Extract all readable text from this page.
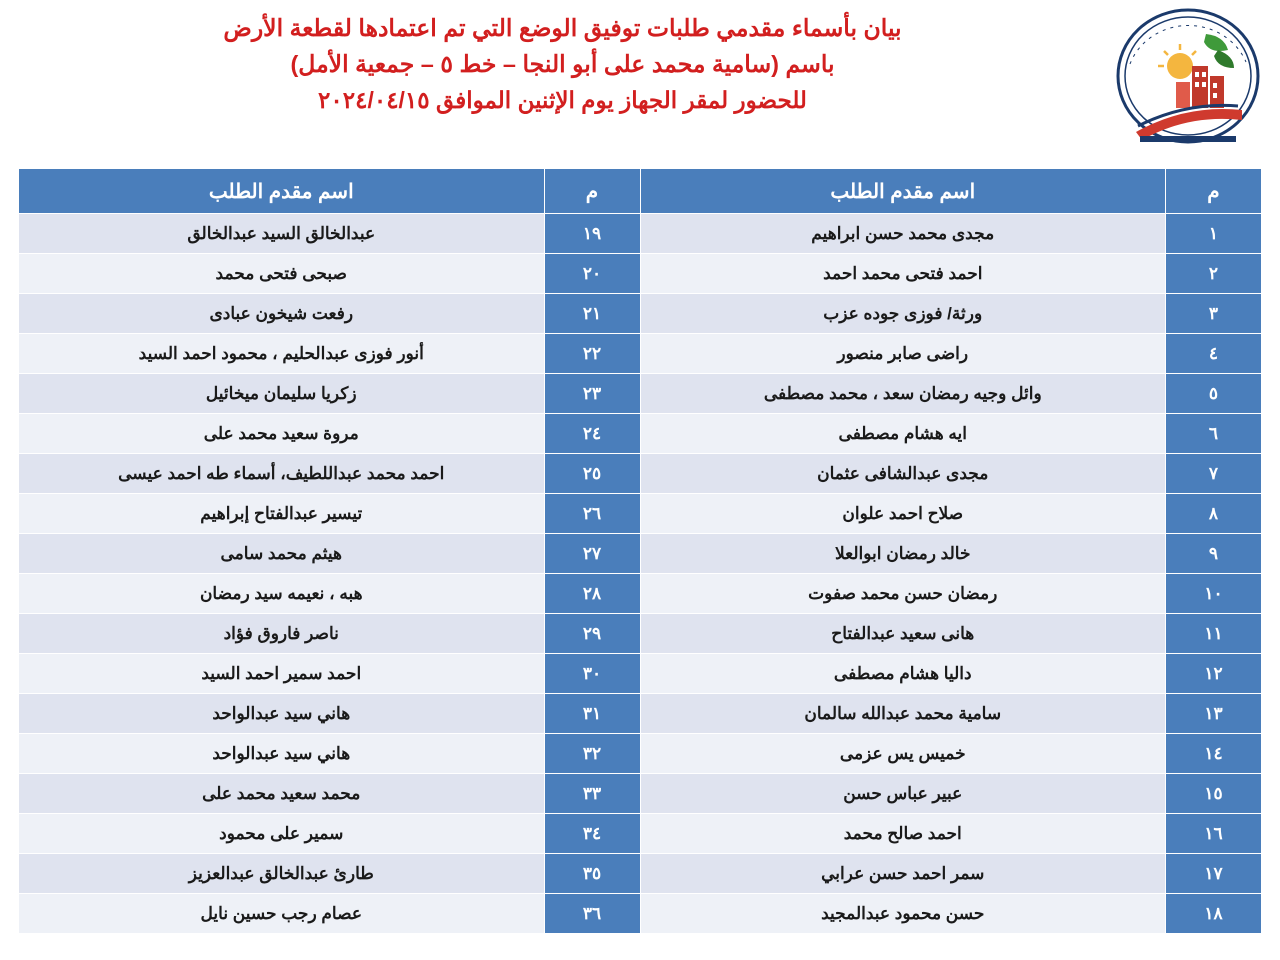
بيان بأسماء مقدمي طلبات توفيق الوضع التي تم اعتمادها لقطعة الأرض
باسم (سامية محمد على أبو النجا – خط ٥ – جمعية الأمل)
للحضور لمقر الجهاز يوم الإثنين الموافق ٢٠٢٤/٠٤/١٥
م	اسم مقدم الطلب	م	اسم مقدم الطلب
١	مجدى محمد حسن ابراهيم	١٩	عبدالخالق السيد عبدالخالق
٢	احمد فتحى محمد احمد	٢٠	صبحى فتحى محمد
٣	ورثة/ فوزى جوده عزب	٢١	رفعت شيخون عبادى
٤	راضى صابر منصور	٢٢	أنور فوزى عبدالحليم ، محمود احمد السيد
٥	وائل وجيه رمضان سعد ، محمد مصطفى	٢٣	زكريا سليمان ميخائيل
٦	ايه هشام مصطفى	٢٤	مروة سعيد محمد على
٧	مجدى عبدالشافى عثمان	٢٥	احمد محمد عبداللطيف، أسماء طه احمد عيسى
٨	صلاح احمد علوان	٢٦	تيسير عبدالفتاح إبراهيم
٩	خالد رمضان ابوالعلا	٢٧	هيثم محمد سامى
١٠	رمضان حسن محمد صفوت	٢٨	هبه ، نعيمه سيد رمضان
١١	هانى سعيد عبدالفتاح	٢٩	ناصر فاروق فؤاد
١٢	داليا هشام مصطفى	٣٠	احمد سمير احمد السيد
١٣	سامية محمد عبدالله سالمان	٣١	هاني سيد عبدالواحد
١٤	خميس يس عزمى	٣٢	هاني سيد عبدالواحد
١٥	عبير عباس حسن	٣٣	محمد سعيد محمد على
١٦	احمد صالح محمد	٣٤	سمير على محمود
١٧	سمر احمد حسن عرابي	٣٥	طارئ عبدالخالق عبدالعزيز
١٨	حسن محمود عبدالمجيد	٣٦	عصام رجب حسين نايل
